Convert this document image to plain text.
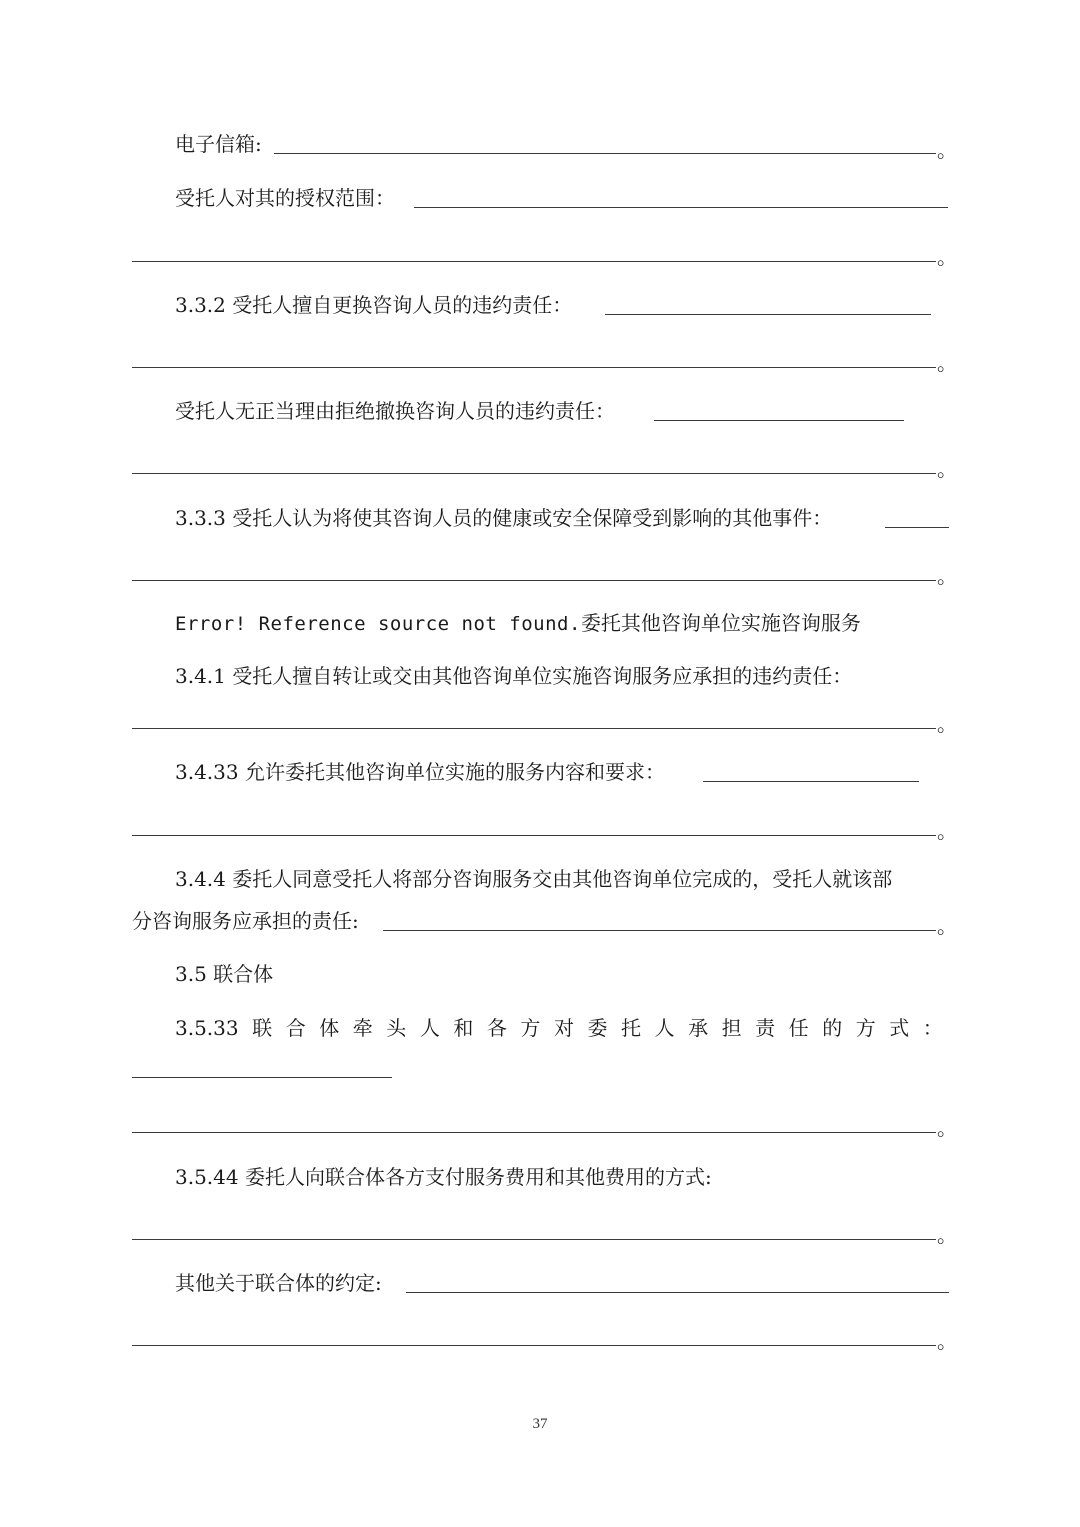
电子信箱:	。
受托人对其的授权范围：
。
3.3.2 受托人擅自更换咨询人员的违约责任：
。
受托人无正当理由拒绝撤换咨询人员的违约责任：
。
3.3.3 受托人认为将使其咨询人员的健康或安全保障受到影响的其他事件：
。
Error! Reference source not found.委托其他咨询单位实施咨询服务
3.4.1 受托人擅自转让或交由其他咨询单位实施咨询服务应承担的违约责任：
。
3.4.33 允许委托其他咨询单位实施的服务内容和要求：
。
3.4.4 委托人同意受托人将部分咨询服务交由其他咨询单位完成的，受托人就该部
分咨询服务应承担的责任:	。
3.5 联合体
3.5.33 联 合 体 牵 头 人 和 各 方 对 委 托 人 承 担 责 任 的 方 式 ：
。
3.5.44 委托人向联合体各方支付服务费用和其他费用的方式:
。
其他关于联合体的约定:
。
37
